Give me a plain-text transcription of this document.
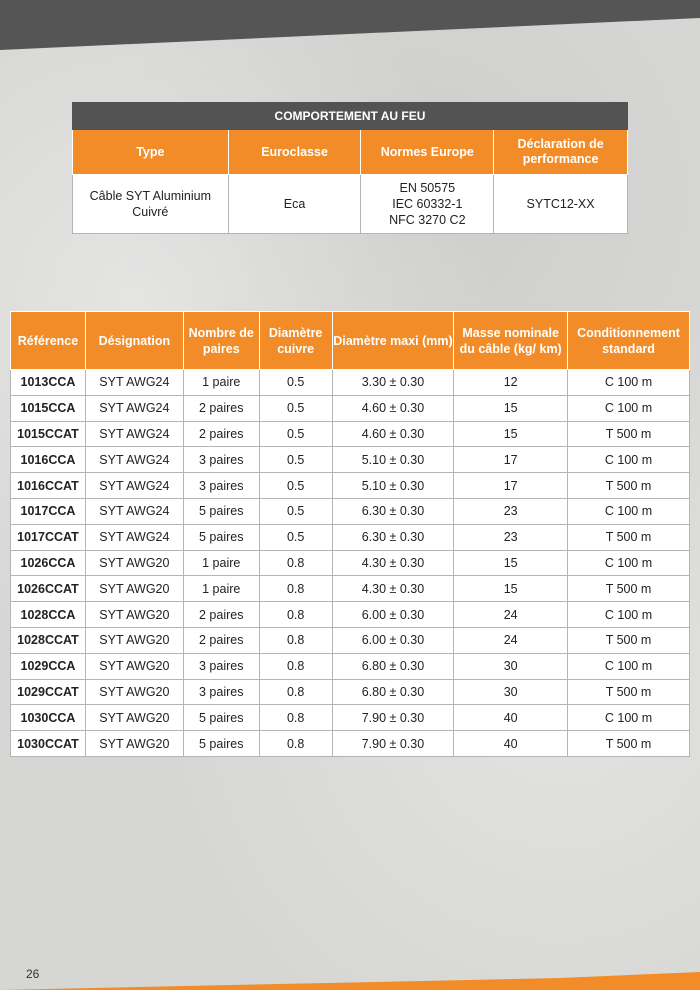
COMPORTEMENT AU FEU			
Type	Euroclasse	Normes Europe	Déclaration de performance
Câble SYT Aluminium Cuivré	Eca	EN 50575
IEC 60332-1
NFC 3270 C2	SYTC12-XX
Référence	Désignation	Nombre de paires	Diamètre cuivre	Diamètre maxi (mm)	Masse nominale du câble (kg/ km)	Conditionnement standard
1013CCA	SYT AWG24	1 paire	0.5	3.30 ± 0.30	12	C 100 m
1015CCA	SYT AWG24	2 paires	0.5	4.60 ± 0.30	15	C 100 m
1015CCAT	SYT AWG24	2 paires	0.5	4.60 ± 0.30	15	T 500 m
1016CCA	SYT AWG24	3 paires	0.5	5.10 ± 0.30	17	C 100 m
1016CCAT	SYT AWG24	3 paires	0.5	5.10 ± 0.30	17	T 500 m
1017CCA	SYT AWG24	5 paires	0.5	6.30 ± 0.30	23	C 100 m
1017CCAT	SYT AWG24	5 paires	0.5	6.30 ± 0.30	23	T 500 m
1026CCA	SYT AWG20	1 paire	0.8	4.30 ± 0.30	15	C 100 m
1026CCAT	SYT AWG20	1 paire	0.8	4.30 ± 0.30	15	T 500 m
1028CCA	SYT AWG20	2 paires	0.8	6.00 ± 0.30	24	C 100 m
1028CCAT	SYT AWG20	2 paires	0.8	6.00 ± 0.30	24	T 500 m
1029CCA	SYT AWG20	3 paires	0.8	6.80 ± 0.30	30	C 100 m
1029CCAT	SYT AWG20	3 paires	0.8	6.80 ± 0.30	30	T 500 m
1030CCA	SYT AWG20	5 paires	0.8	7.90 ± 0.30	40	C 100 m
1030CCAT	SYT AWG20	5 paires	0.8	7.90 ± 0.30	40	T 500 m
26
